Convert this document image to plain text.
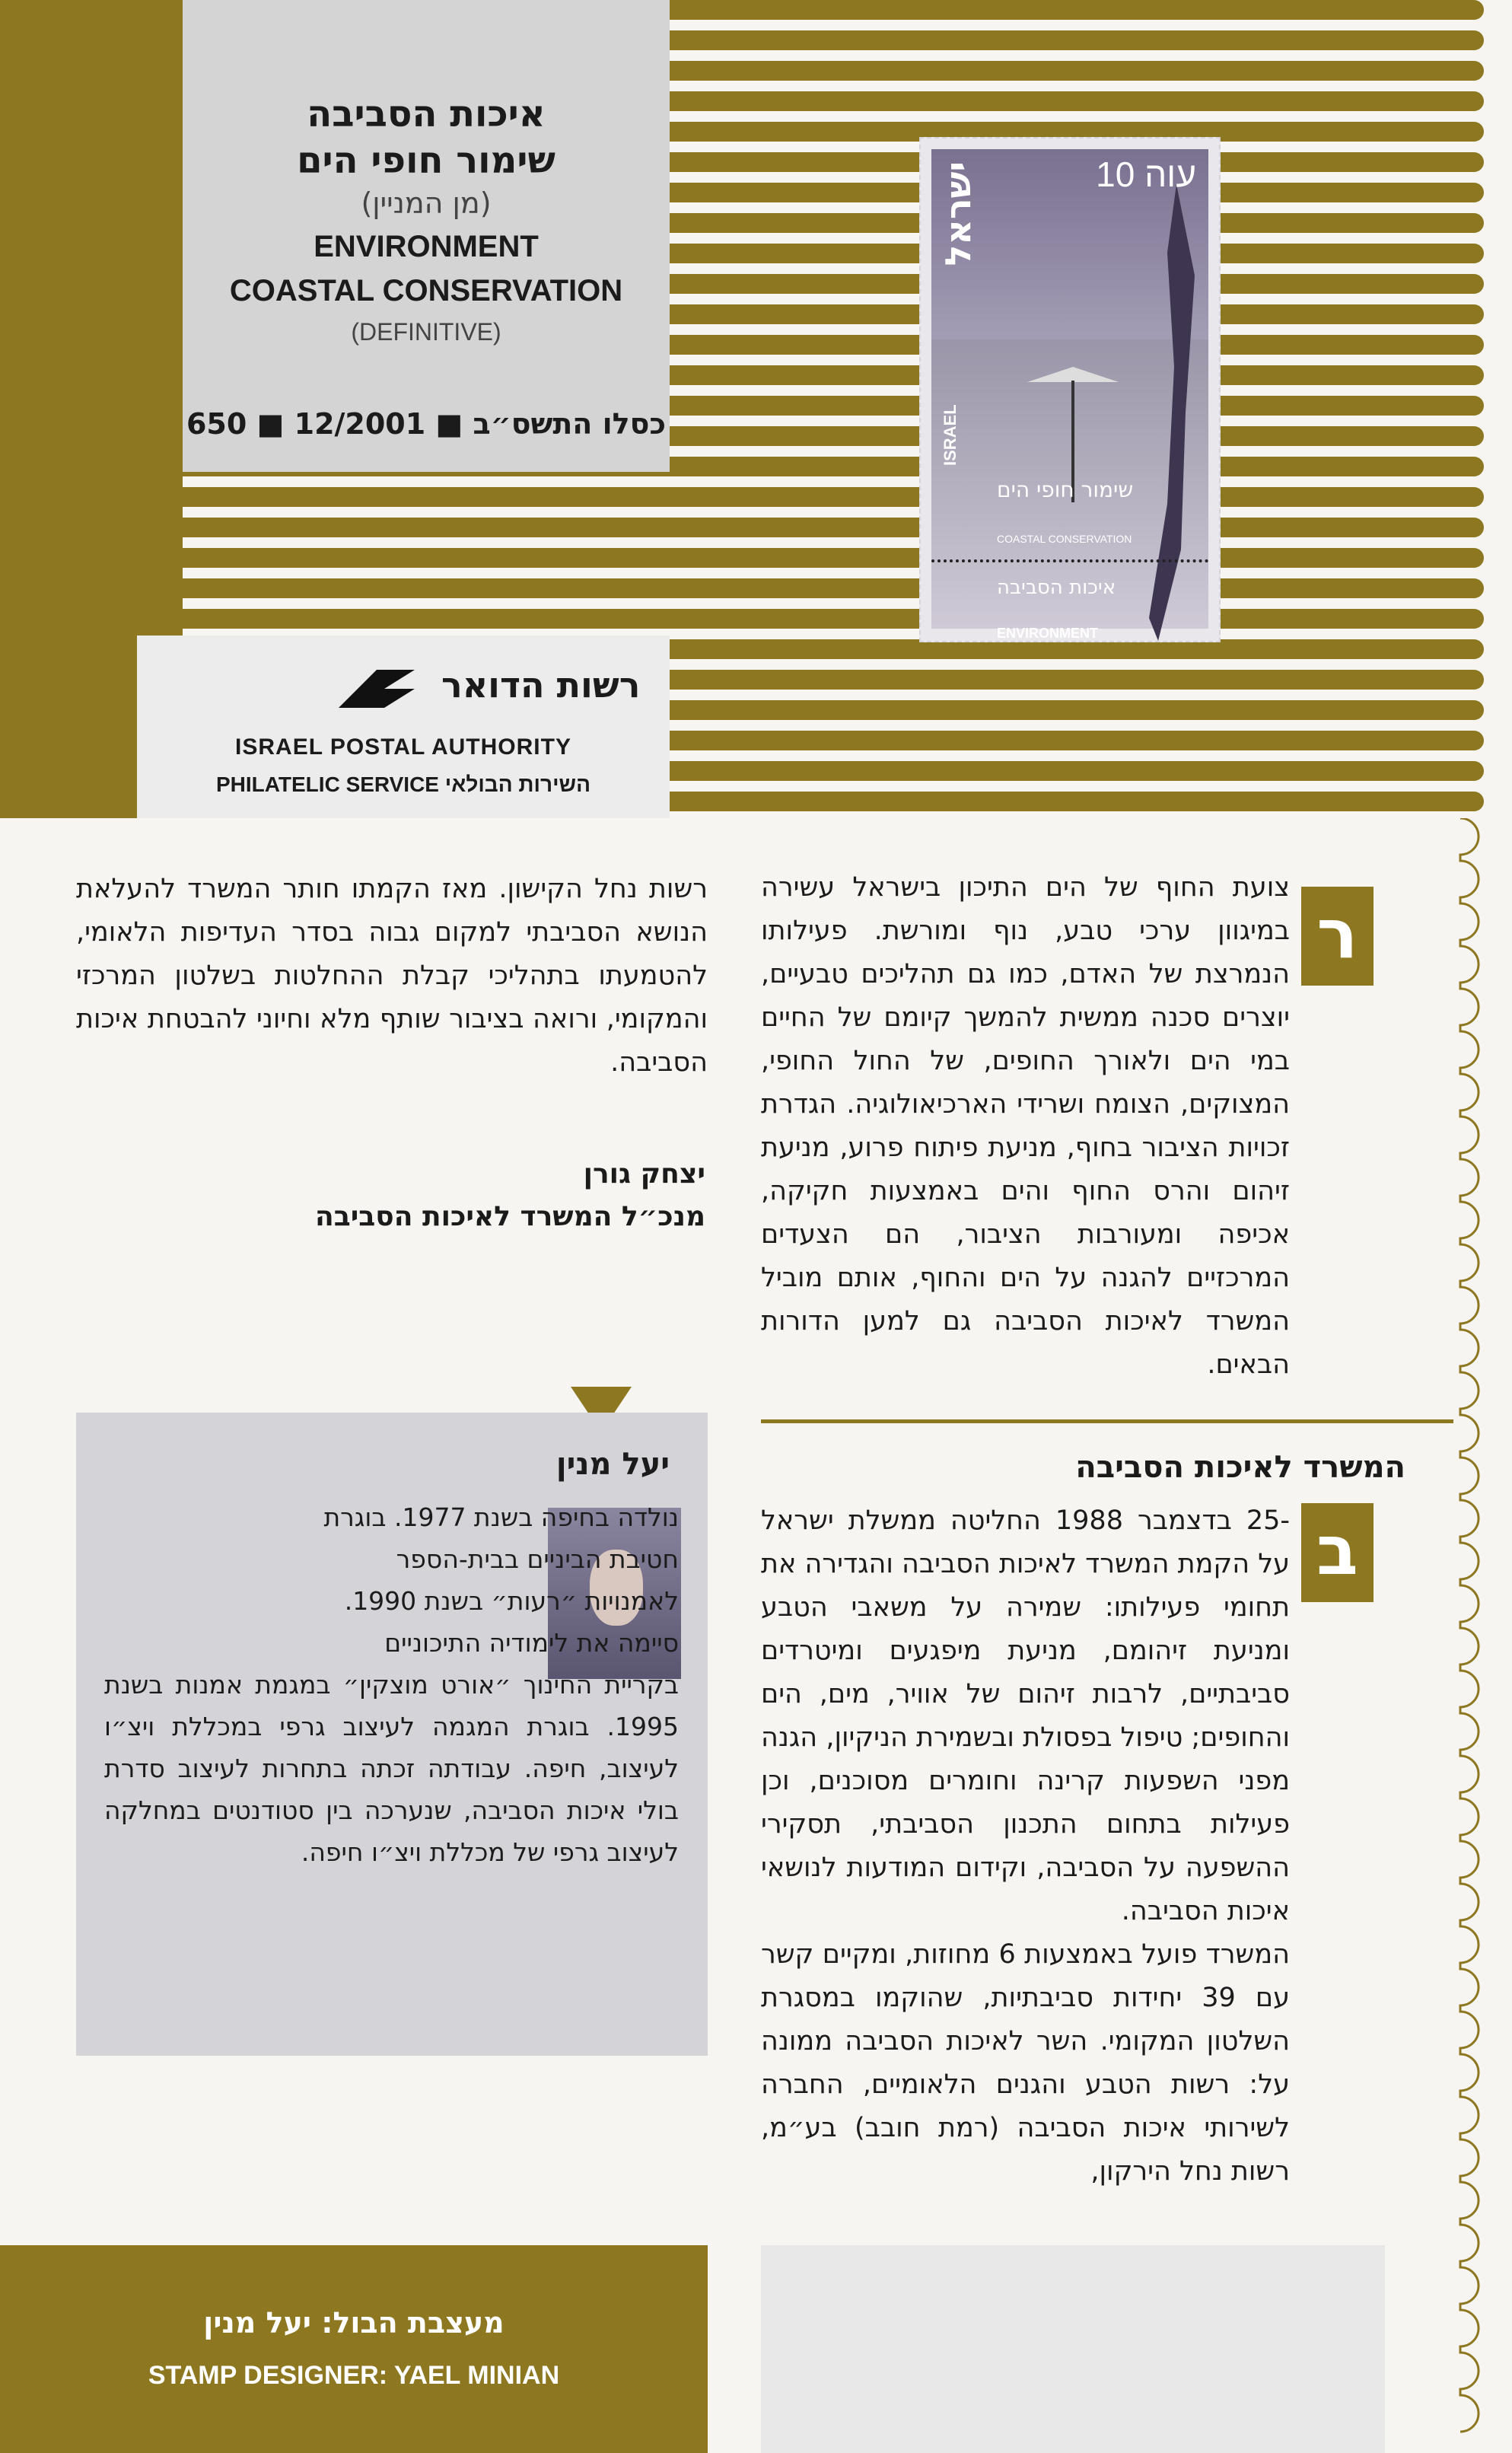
איכות הסביבה
שימור חופי הים
(מן המניין)
ENVIRONMENT
COASTAL CONSERVATION
(DEFINITIVE)
כסלו התשס״ב ■ 12/2001 ■ 650
רשות הדואר
ISRAEL POSTAL AUTHORITY
PHILATELIC SERVICE השירות הבולאי
10 עוה
ישראל
ISRAEL
שימור חופי הים
COASTAL CONSERVATION
איכות הסביבה
ENVIRONMENT
ר
צועת החוף של הים התיכון בישראל עשירה במיגוון ערכי טבע, נוף ומורשת. פעילותו הנמרצת של האדם, כמו גם תהליכים טבעיים, יוצרים סכנה ממשית להמשך קיומם של החיים במי הים ולאורך החופים, של החול החופי, המצוקים, הצומח ושרידי הארכיאולוגיה. הגדרת זכויות הציבור בחוף, מניעת פיתוח פרוע, מניעת זיהום והרס החוף והים באמצעות חקיקה, אכיפה ומעורבות הציבור, הם הצעדים המרכזיים להגנה על הים והחוף, אותם מוביל המשרד לאיכות הסביבה גם למען הדורות הבאים.
המשרד לאיכות הסביבה
ב
-25 בדצמבר 1988 החליטה ממשלת ישראל על הקמת המשרד לאיכות הסביבה והגדירה את תחומי פעילותו: שמירה על משאבי הטבע ומניעת זיהומם, מניעת מיפגעים ומיטרדים סביבתיים, לרבות זיהום של אוויר, מים, הים והחופים; טיפול בפסולת ובשמירת הניקיון, הגנה מפני השפעות קרינה וחומרים מסוכנים, וכן פעילות בתחום התכנון הסביבתי, תסקירי ההשפעה על הסביבה, וקידום המודעות לנושאי איכות הסביבה.
המשרד פועל באמצעות 6 מחוזות, ומקיים קשר עם 39 יחידות סביבתיות, שהוקמו במסגרת השלטון המקומי. השר לאיכות הסביבה ממונה על: רשות הטבע והגנים הלאומיים, החברה לשירותי איכות הסביבה (רמת חובב) בע״מ, רשות נחל הירקון,
רשות נחל הקישון. מאז הקמתו חותר המשרד להעלאת הנושא הסביבתי למקום גבוה בסדר העדיפות הלאומי, להטמעתו בתהליכי קבלת ההחלטות בשלטון המרכזי והמקומי, ורואה בציבור שותף מלא וחיוני להבטחת איכות הסביבה.
יצחק גורן
מנכ״ל המשרד לאיכות הסביבה
יעל מנין
נולדה בחיפה בשנת 1977. בוגרת
חטיבת הביניים בבית-הספר
לאמנויות ״רעות״ בשנת 1990.
סיימה את לימודיה התיכוניים
בקריית החינוך ״אורט מוצקין״ במגמת אמנות בשנת 1995. בוגרת המגמה לעיצוב גרפי במכללת ויצ״ו לעיצוב, חיפה. עבודתה זכתה בתחרות לעיצוב סדרת בולי איכות הסביבה, שנערכה בין סטודנטים במחלקה לעיצוב גרפי של מכללת ויצ״ו חיפה.
מעצבת הבול: יעל מנין
STAMP DESIGNER: YAEL MINIAN
